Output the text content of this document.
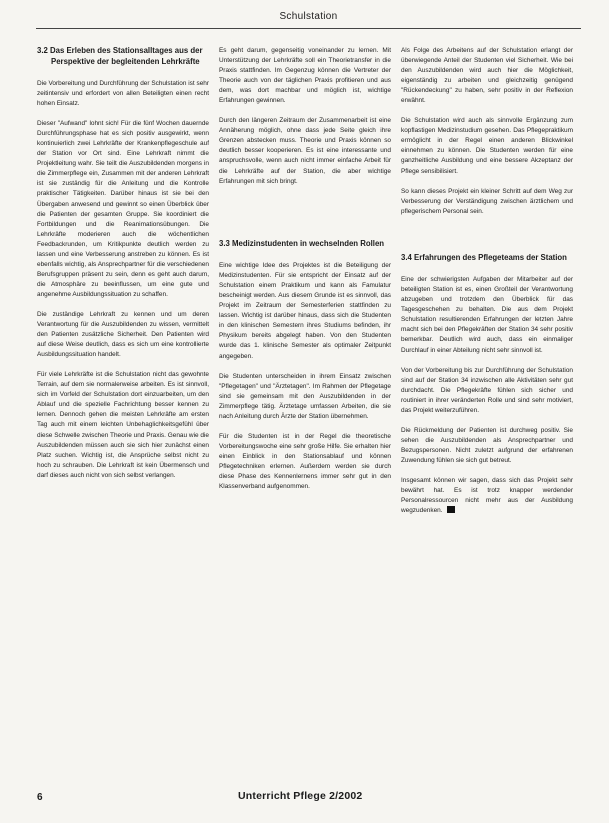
Schulstation
3.2 Das Erleben des Stationsalltages aus der Perspektive der begleitenden Lehrkräfte

Die Vorbereitung und Durchführung der Schulstation ist sehr zeitintensiv und erfordert von allen Beteiligten einen recht hohen Einsatz.

Dieser "Aufwand" lohnt sich! Für die fünf Wochen dauernde Durchführungsphase hat es sich positiv ausgewirkt, wenn kontinuierlich zwei Lehrkräfte der Krankenpflegeschule auf der Station vor Ort sind. Eine Lehrkraft nimmt die Projektleitung wahr. Sie teilt die Auszubildenden morgens in die Zimmerpflege ein, Zusammen mit der anderen Lehrkraft ist sie zuständig für die Anleitung und die Kontrolle praktischer Tätigkeiten. Darüber hinaus ist sie bei den Übergaben anwesend und gewinnt so einen Überblick über die Patienten der gesamten Gruppe. Sie koordiniert die Fortbildungen und die Reanimationsübungen. Die Lehrkräfte moderieren auch die wöchentlichen Feedbackrunden, um Kritikpunkte deutlich werden zu lassen und eine Verbesserung anstreben zu können. Es ist ebenfalls wichtig, als Ansprechpartner für die verschiedenen Berufsgruppen präsent zu sein, denn es geht auch darum, die Atmosphäre zu beeinflussen, um eine gute und angenehme Ausbildungssituation zu schaffen.

Die zuständige Lehrkraft zu kennen und um deren Verantwortung für die Auszubildenden zu wissen, vermittelt den Patienten zusätzliche Sicherheit. Den Patienten wird auf diese Weise deutlich, dass es sich um eine kontrollierte Ausbildungssituation handelt.

Für viele Lehrkräfte ist die Schulstation nicht das gewohnte Terrain, auf dem sie normalerweise arbeiten. Es ist sinnvoll, sich im Vorfeld der Schulstation dort einzuarbeiten, um den Ablauf und die spezielle Fachrichtung besser kennen zu lernen. Dennoch gehen die meisten Lehrkräfte am ersten Tag auch mit einem leichten Unbehaglichkeitsgefühl über diese Schwelle zwischen Theorie und Praxis. Genau wie die Auszubildenden müssen auch sie sich hier zunächst einen Platz suchen. Wichtig ist, die Ansprüche selbst nicht zu hoch zu schrauben. Die Lehrkraft ist kein Übermensch und darf dieses auch nicht von sich selbst verlangen.

Es geht darum, gegenseitig voneinander zu lernen. Mit Unterstützung der Lehrkräfte soll ein Theorietransfer in die Praxis stattfinden. Im Gegenzug können die Vertreter der Theorie auch von der täglichen Praxis profitieren und aus dem, was dort machbar und möglich ist, wichtige Erfahrungen gewinnen.

Durch den längeren Zeitraum der Zusammenarbeit ist eine Annäherung möglich, ohne dass jede Seite gleich ihre Grenzen abstecken muss. Theorie und Praxis können so deutlich besser kooperieren. Es ist eine interessante und anspruchsvolle, wenn auch nicht immer einfache Arbeit für die Lehrkräfte auf der Station, die aber wichtige Erfahrungen mit sich bringt.

3.3 Medizinstudenten in wechselnden Rollen

Eine wichtige Idee des Projektes ist die Beteiligung der Medizinstudenten. Für sie entspricht der Einsatz auf der Schulstation einem Praktikum und kann als Famulatur bescheinigt werden. Aus diesem Grunde ist es sinnvoll, das Projekt im Zeitraum der Semesterferien stattfinden zu lassen. Wichtig ist darüber hinaus, dass sich die Studenten in den klinischen Semestern ihres Studiums befinden, ihr Physikum bereits abgelegt haben. Von den Studenten wurde das 1. klinische Semester als optimaler Zeitpunkt angegeben.

Die Studenten unterscheiden in ihrem Einsatz zwischen "Pflegetagen" und "Ärztetagen". Im Rahmen der Pflegetage sind sie gemeinsam mit den Auszubildenden in der Zimmerpflege tätig. Ärztetage umfassen Arbeiten, die sie nach Anleitung durch Ärzte der Station übernehmen.

Für die Studenten ist in der Regel die theoretische Vorbereitungswoche eine sehr große Hilfe. Sie erhalten hier einen Einblick in den Stationsablauf und können Pflegetechniken erlernen. Außerdem werden sie durch diese Phase des Kennenlernens immer sehr gut in den Klassenverband aufgenommen.

Als Folge des Arbeitens auf der Schulstation erlangt der überwiegende Anteil der Studenten viel Sicherheit. Wie bei den Auszubildenden wird auch hier die Möglichkeit, eigenständig zu arbeiten und gleichzeitig genügend "Rückendeckung" zu haben, sehr positiv in der Reflexion erwähnt.

Die Schulstation wird auch als sinnvolle Ergänzung zum kopflastigen Medizinstudium gesehen. Das Pflegepraktikum ermöglicht in der Regel einen anderen Blickwinkel einnehmen zu können. Die Studenten werden für eine ganzheitliche Ausbildung und eine bessere Akzeptanz der Pflege sensibilisiert.

So kann dieses Projekt ein kleiner Schritt auf dem Weg zur Verbesserung der Verständigung zwischen ärztlichem und pflegerischem Personal sein.

3.4 Erfahrungen des Pflegeteams der Station

Eine der schwierigsten Aufgaben der Mitarbeiter auf der beteiligten Station ist es, einen Großteil der Verantwortung abzugeben und trotzdem den Überblick für das Tagesgeschehen zu behalten. Die aus dem Projekt Schulstation resultierenden Erfahrungen der letzten Jahre macht sich bei den Pflegekräften der Station 34 sehr positiv bemerkbar. Deutlich wird auch, dass ein einmaliger Durchlauf in einer Abteilung nicht sehr sinnvoll ist.

Von der Vorbereitung bis zur Durchführung der Schulstation sind auf der Station 34 inzwischen alle Aktivitäten sehr gut durchdacht. Die Pflegekräfte fühlen sich sicher und routiniert in ihrer veränderten Rolle und sind sehr motiviert, das Projekt weiterzuführen.

Die Rückmeldung der Patienten ist durchweg positiv. Sie sehen die Auszubildenden als Ansprechpartner und Bezugspersonen. Nicht zuletzt aufgrund der erfahrenen Zuwendung fühlen sie sich gut betreut.

Insgesamt können wir sagen, dass sich das Projekt sehr bewährt hat. Es ist trotz knapper werdender Personalressourcen nicht mehr aus der Ausbildung wegzudenken.

6	Unterricht Pflege 2/2002
